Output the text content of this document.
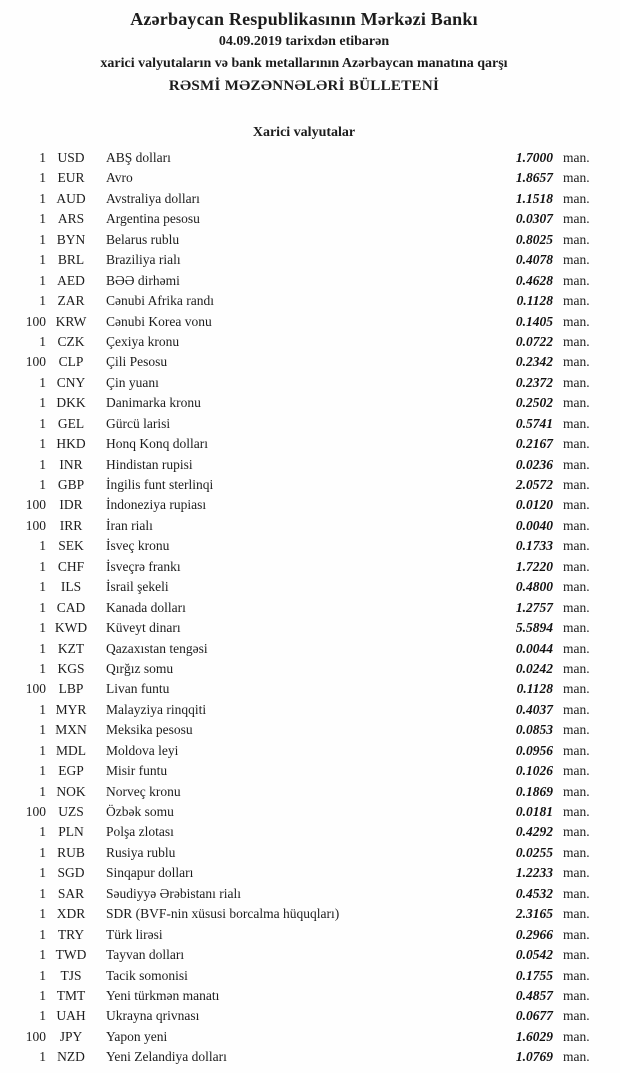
Azərbaycan Respublikasının Mərkəzi Bankı
04.09.2019 tarixdən etibarən
xarici valyutaların və bank metallarının Azərbaycan manatına qarşı
RƏSMİ MƏZƏNNƏLƏRİ BÜLLETENİ
Xarici valyutalar
1 USD	ABŞ dolları	1.7000 man.
1 EUR	Avro	1.8657 man.
1 AUD	Avstraliya dolları	1.1518 man.
1 ARS	Argentina pesosu	0.0307 man.
1 BYN	Belarus rublu	0.8025 man.
1 BRL	Braziliya rialı	0.4078 man.
1 AED	BƏƏ dirhəmi	0.4628 man.
1 ZAR	Cənubi Afrika randı	0.1128 man.
100 KRW	Cənubi Korea vonu	0.1405 man.
1 CZK	Çexiya kronu	0.0722 man.
100 CLP	Çili Pesosu	0.2342 man.
1 CNY	Çin yuanı	0.2372 man.
1 DKK	Danimarka kronu	0.2502 man.
1 GEL	Gürcü larisi	0.5741 man.
1 HKD	Honq Konq dolları	0.2167 man.
1 INR	Hindistan rupisi	0.0236 man.
1 GBP	İngilis funt sterlinqi	2.0572 man.
100 IDR	İndoneziya rupiası	0.0120 man.
100	IRR	İran rialı	0.0040 man.
1 SEK	İsveç kronu	0.1733 man.
1 CHF	İsveçrə frankı	1.7220 man.
1	ILS	İsrail şekeli	0.4800 man.
1 CAD	Kanada dolları	1.2757 man.
1 KWD	Küveyt dinarı	5.5894 man.
1 KZT	Qazaxıstan tengəsi	0.0044 man.
1 KGS	Qırğız somu	0.0242 man.
100 LBP	Livan funtu	0.1128 man.
1 MYR	Malayziya rinqqiti	0.4037 man.
1 MXN	Meksika pesosu	0.0853 man.
1 MDL	Moldova leyi	0.0956 man.
1 EGP	Misir funtu	0.1026 man.
1 NOK	Norveç kronu	0.1869 man.
100 UZS	Özbək somu	0.0181 man.
1 PLN	Polşa zlotası	0.4292 man.
1 RUB	Rusiya rublu	0.0255 man.
1 SGD	Sinqapur dolları	1.2233 man.
1 SAR	Səudiyyə Ərəbistanı rialı	0.4532 man.
1 XDR	SDR (BVF-nin xüsusi borcalma hüquqları)	2.3165 man.
1 TRY	Türk lirəsi	0.2966 man.
1 TWD	Tayvan dolları	0.0542 man.
1	TJS	Tacik somonisi	0.1755 man.
1 TMT	Yeni türkmən manatı	0.4857 man.
1 UAH	Ukrayna qrivnası	0.0677 man.
100	JPY	Yapon yeni	1.6029 man.
1 NZD	Yeni Zelandiya dolları	1.0769 man.
